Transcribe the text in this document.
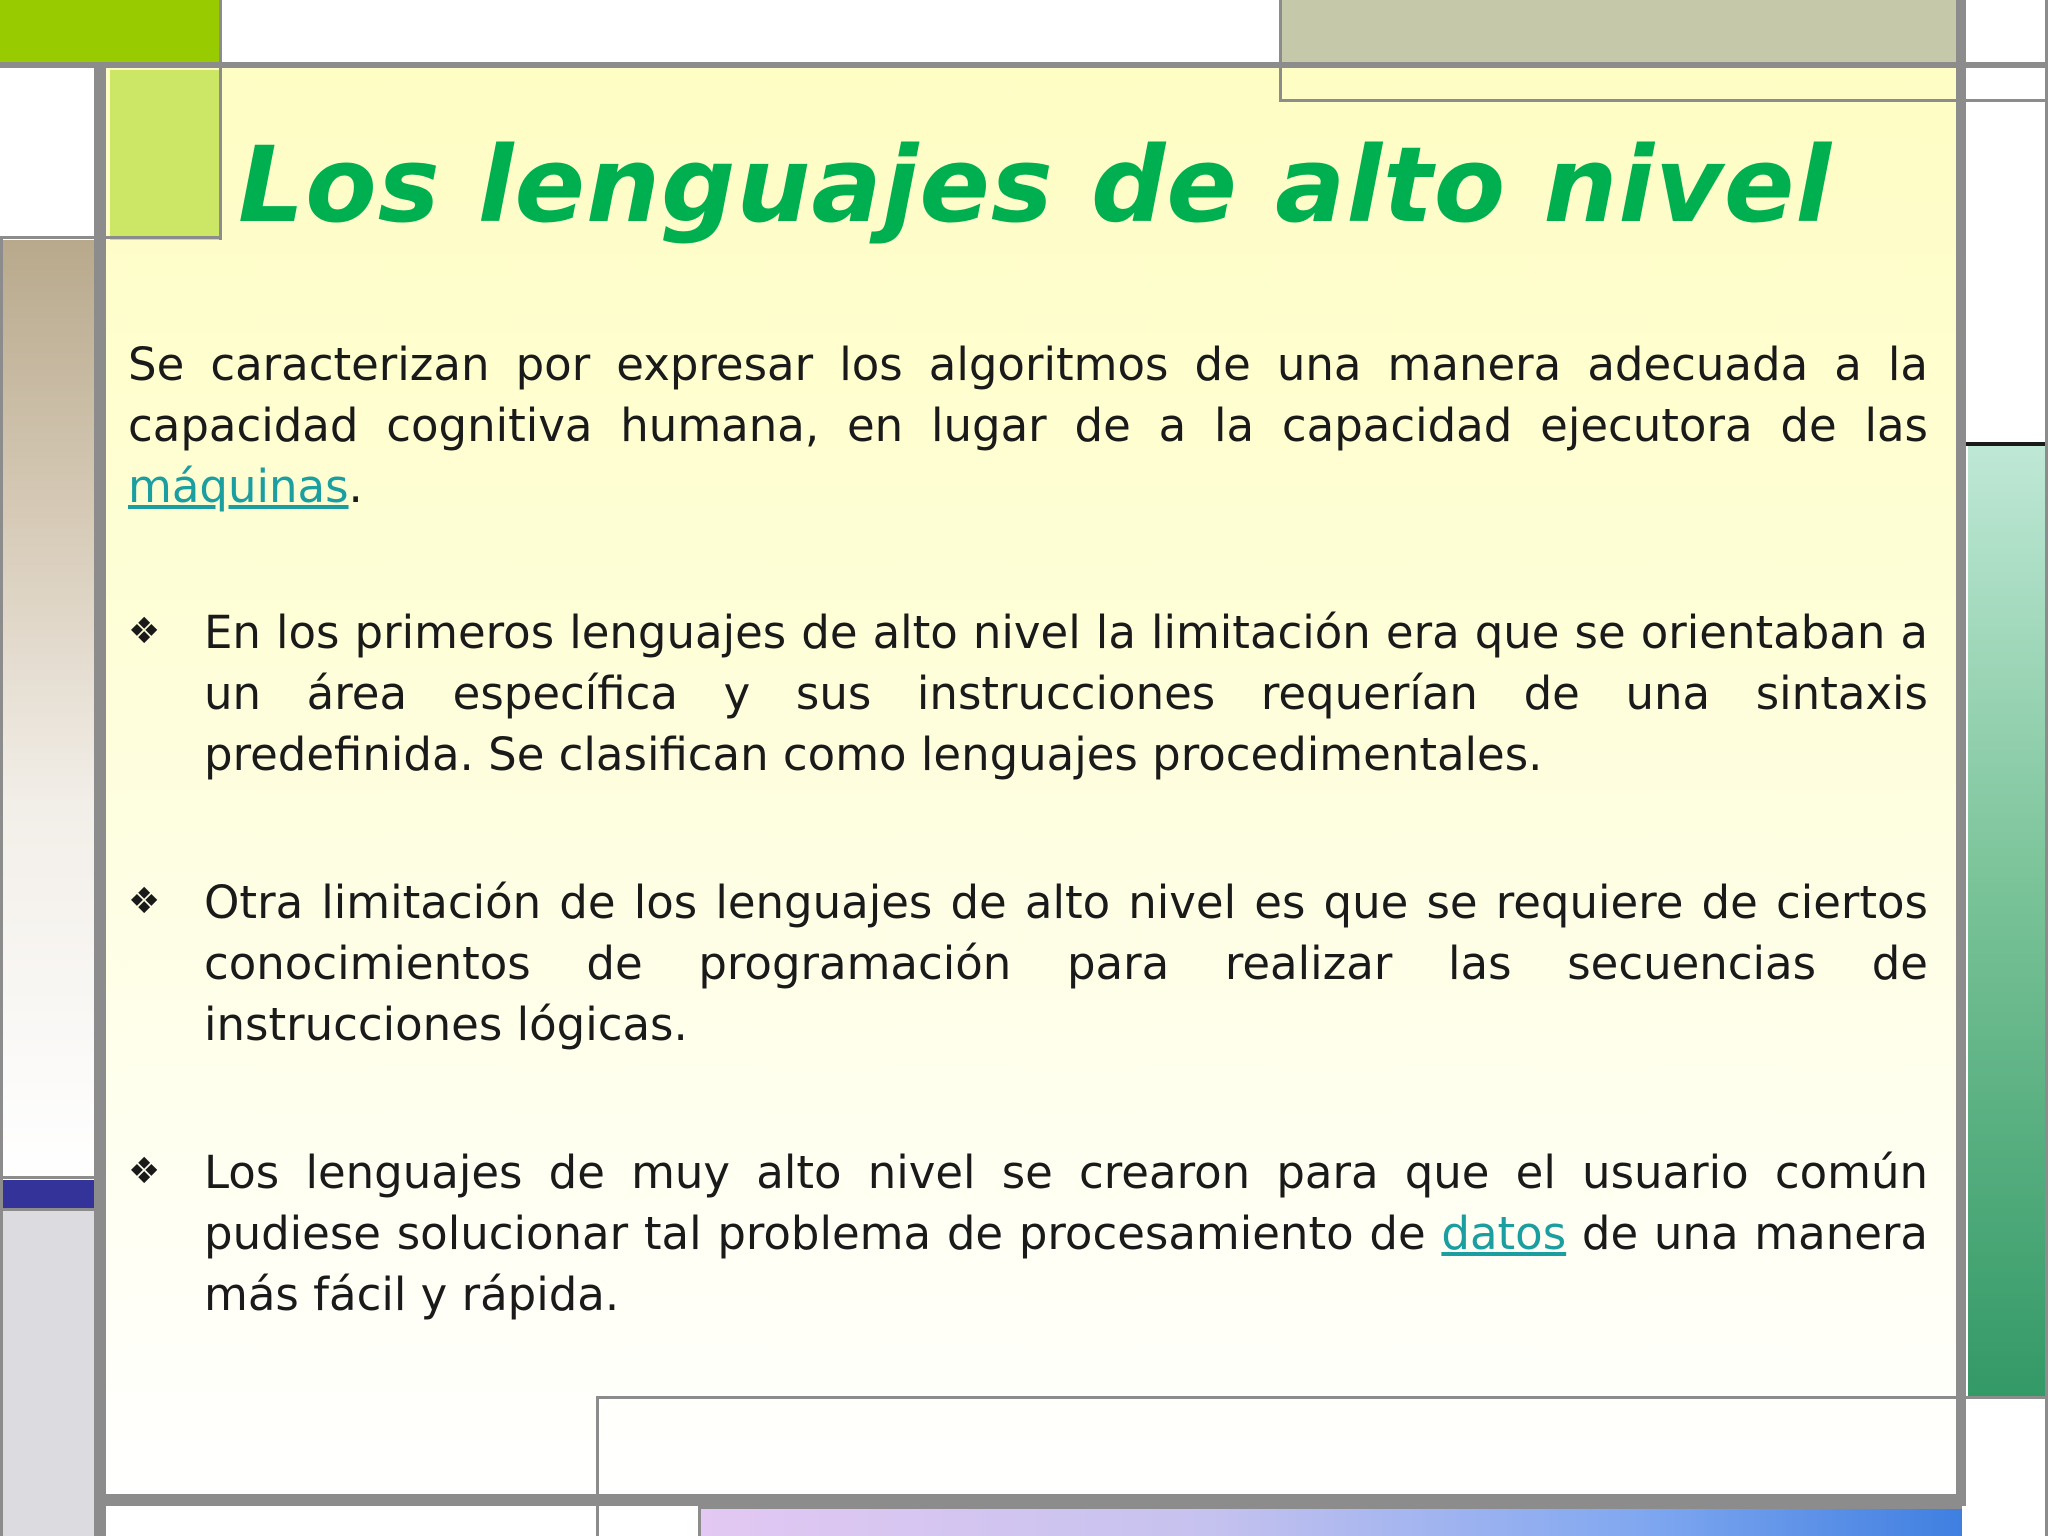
Los lenguajes de alto nivel

Se caracterizan por expresar los algoritmos de una manera adecuada a la capacidad cognitiva humana, en lugar de a la capacidad ejecutora de las máquinas.

❖ En los primeros lenguajes de alto nivel la limitación era que se orientaban a un área específica y sus instrucciones requerían de una sintaxis predefinida. Se clasifican como lenguajes procedimentales.

❖ Otra limitación de los lenguajes de alto nivel es que se requiere de ciertos conocimientos de programación para realizar las secuencias de instrucciones lógicas.

❖ Los lenguajes de muy alto nivel se crearon para que el usuario común pudiese solucionar tal problema de procesamiento de datos de una manera más fácil y rápida.
